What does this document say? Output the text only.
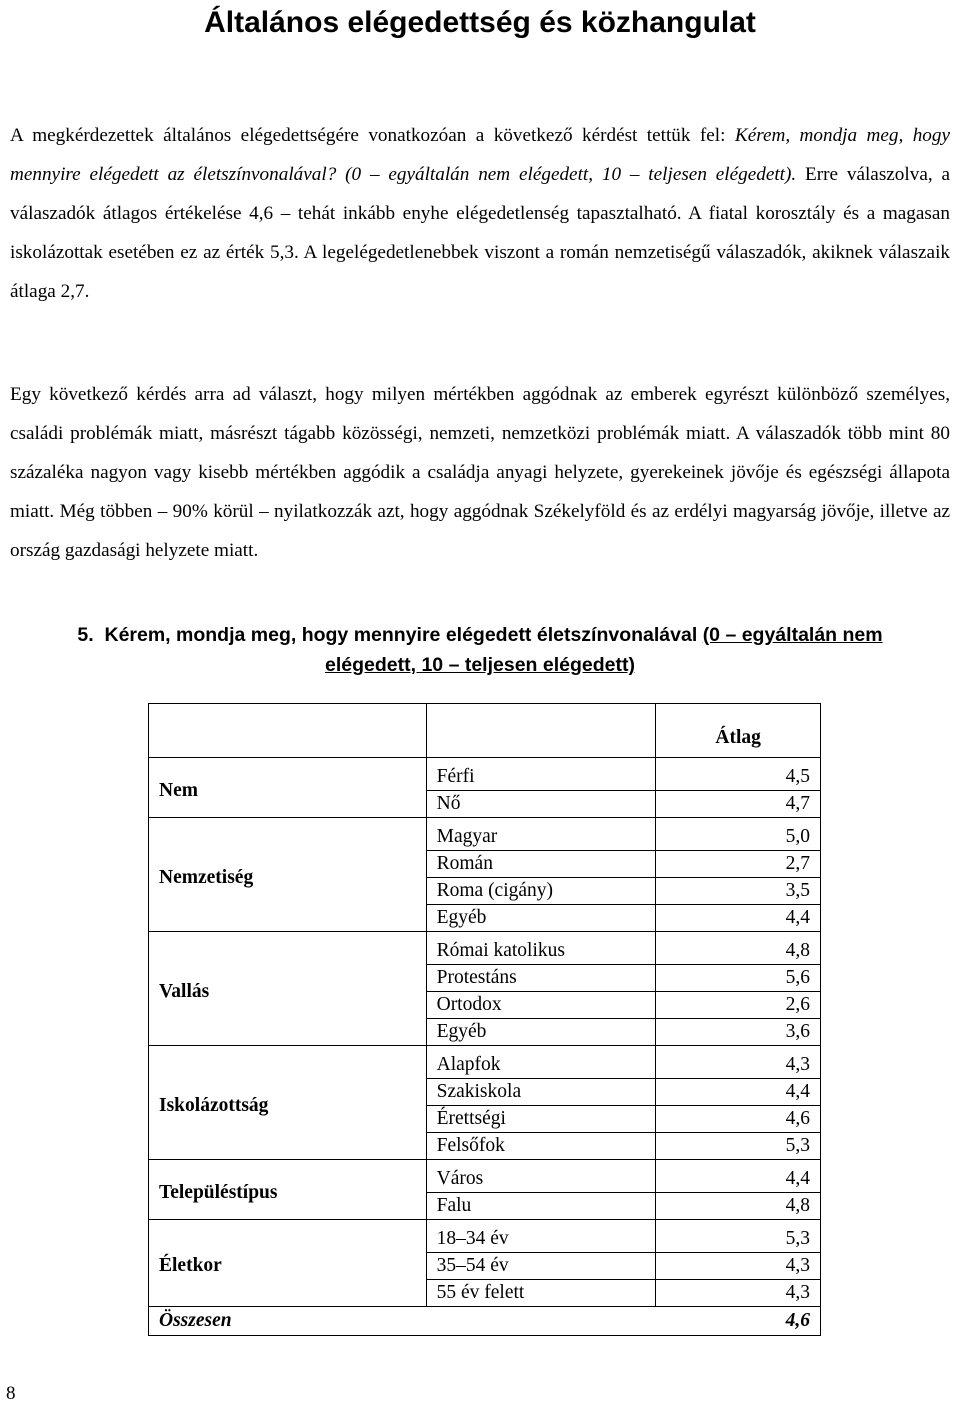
Általános elégedettség és közhangulat

A megkérdezettek általános elégedettségére vonatkozóan a következő kérdést tettük fel: Kérem, mondja meg, hogy mennyire elégedett az életszínvonalával? (0 – egyáltalán nem elégedett, 10 – teljesen elégedett). Erre válaszolva, a válaszadók átlagos értékelése 4,6 – tehát inkább enyhe elégedetlenség tapasztalható. A fiatal korosztály és a magasan iskolázottak esetében ez az érték 5,3. A legelégedetlenebbek viszont a román nemzetiségű válaszadók, akiknek válaszaik átlaga 2,7.

Egy következő kérdés arra ad választ, hogy milyen mértékben aggódnak az emberek egyrészt különböző személyes, családi problémák miatt, másrészt tágabb közösségi, nemzeti, nemzetközi problémák miatt. A válaszadók több mint 80 százaléka nagyon vagy kisebb mértékben aggódik a családja anyagi helyzete, gyerekeinek jövője és egészségi állapota miatt. Még többen – 90% körül – nyilatkozzák azt, hogy aggódnak Székelyföld és az erdélyi magyarság jövője, illetve az ország gazdasági helyzete miatt.

5. Kérem, mondja meg, hogy mennyire elégedett életszínvonalával (0 – egyáltalán nem
elégedett, 10 – teljesen elégedett)
		Átlag

Nem	Férfi	4,5
	Nő	4,7

Nemzetiség	Magyar	5,0
	Román	2,7
	Roma (cigány)	3,5
	Egyéb	4,4

Vallás	Római katolikus	4,8
	Protestáns	5,6
	Ortodox	2,6
	Egyéb	3,6

Iskolázottság	Alapfok	4,3
	Szakiskola	4,4
	Érettségi	4,6
	Felsőfok	5,3

Településtípus	Város	4,4
	Falu	4,8

Életkor	18–34 év	5,3
	35–54 év	4,3
	55 év felett	4,3
Összesen		4,6
8
